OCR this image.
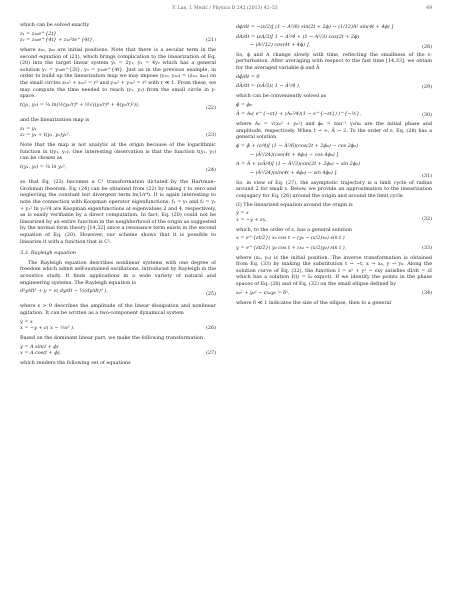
Y. Lan, I. Mezić / Physica D 242 (2013) 42–53	49

which can be solved exactly

z₁ = z₁₀e^{2t}
z₂ = z₂₀e^{4t} + z₁₀²te^{4t},	(21)

where z₁₀, z₂₀ are initial positions. Note that there is a secular term in the second equation of (21), which brings complication to the linearization of Eq. (20) into the target linear system ẏ₁ = 2y₁, ẏ₂ = 4y₂ which has a general solution y₁ = y₁₀e^{2t}, y₂ = y₂₀e^{4t}. Just as in the previous example, in order to build up the linearization map we may impose (y₁₀, y₂₀) = (z₁₀, z₂₀) on the small circles z₁₀² + z₂₀² = r² and y₁₀² + y₂₀² = r² with r ≪ 1. From these, we may compute the time needed to reach (y₁, y₂) from the small circle in y-space.

t(y₁, y₂) = ¼ ln(½(y₁/r)⁴ + ½√((y₁/r)⁸ + 4(y₂/r)²)),	(22)

and the linearization map is

z₁ = y₁
z₂ = y₂ + t(y₁, y₂)y₁².	(23)

Note that the map is not analytic at the origin because of the logarithmic function in t(y₁, y₂). One interesting observation is that the function t(y₁, y₂) can be chosen as

t(y₁, y₂) = ¼ ln y₂²,	(24)

so that Eq. (23) becomes a C¹ transformation dictated by the Hartman–Grobman theorem. Eq. (24) can be obtained from (22) by taking r to zero and neglecting the constant but divergent term ln(1/r⁴). It is again interesting to note the connection with Koopman operator eigenfunctions: f₁ = y₁ and f₂ = y₁ + y₁² ln y₂²/4 are Koopman eigenfunctions at eigenvalues 2 and 4, respectively, as is easily verifiable by a direct computation. In fact, Eq. (20) could not be linearized by an entire function in the neighborhood of the origin as suggested by the normal form theory [14,32] since a resonance term exists in the second equation of Eq. (20). However, our scheme shows that it is possible to linearize it with a function that is C¹.

3.3. Rayleigh equation

The Rayleigh equation describes nonlinear systems with one degree of freedom which admit self-sustained oscillations, introduced by Rayleigh in the acoustics study. It finds applications in a wide variety of natural and engineering systems. The Rayleigh equation is

d²y/dt² + y = ε( dy/dt − ⅓(dy/dt)³ ),	(25)

where ε > 0 describes the amplitude of the linear dissipation and nonlinear agitation. It can be written as a two-component dynamical system

ẏ = x
ẋ = −y + ε( x − ⅓x³ ).	(26)

Based on the dominant linear part, we make the following transformation

y = A sin(t + ϕ)
x = A cos(t + ϕ),	(27)

which renders the following set of equations

dϕ/dt = −(ε/2)[ (1 − A²/6) sin(2t + 2ϕ) − (1/12)A² sin(4t + 4ϕ) ]
dA/dt = (εA/2)[ 1 − A²/4 + (1 − A²/3) cos(2t + 2ϕ)
− (A²/12) cos(4t + 4ϕ) ].	(28)

So, ϕ and A change slowly with time, reflecting the smallness of the ε-perturbation. After averaging with respect to the fast time [14,33], we obtain for the averaged variable ϕ̄ and Ā

dϕ̄/dt = 0
dĀ/dt = (εĀ/2)( 1 − Ā²/4 ),	(29)

which can be conveniently solved as

ϕ̄ = ϕ₀
Ā = A₀( e^{−εt} + (A₀²/4)(1 − e^{−εt}) )^{−½},	(30)

where A₀ = √(x₀² + y₀²) and ϕ₀ = tan⁻¹ y₀/x₀ are the initial phase and amplitude, respectively. When t → ∞, Ā → 2. To the order of ε, Eq. (28) has a general solution

ϕ = ϕ̄ + (ε/4)[ (1 − Ā²/6)(cos(2t + 2ϕ₀) − cos 2ϕ₀)
− (Ā²/24)(cos(4t + 4ϕ₀) − cos 4ϕ₀) ]
A = Ā + (εĀ/4)[ (1 − Ā²/3)(sin(2t + 2ϕ₀) − sin 2ϕ₀)
− (Ā²/24)(sin(4t + 4ϕ₀) − sin 4ϕ₀) ].
(31)

So, in view of Eq. (27), the asymptotic trajectory is a limit cycle of radius around 2 for small ε. Below, we provide an approximation to the linearization conjugacy for Eq. (26) around the origin and around the limit cycle.

(I) The linearized equation around the origin is

ẏ = x
ẋ = −y + εx,	(32)

which, to the order of ε, has a general solution

x = e^{εt/2}( x₀ cos t − (y₀ − (ε/2)x₀) sin t )
y = e^{εt/2}( y₀ cos t + (x₀ − (ε/2)y₀) sin t ),	(33)

where (x₀, y₀) is the initial position. The inverse transformation is obtained from Eq. (33) by making the substitution t → −t, x → x₀, y → y₀. Along the solution curve of Eq. (32), the function I = x² + y² − εxy satisfies dI/dt = εI which has a solution I(t) = I₀ exp(εt). If we identify the points in the phase spaces of Eq. (26) and of Eq. (32) on the small ellipse defined by

x₀² + y₀² − εx₀y₀ = δ²,	(34)

where δ ≪ 1 indicates the size of the ellipse, then to a general
